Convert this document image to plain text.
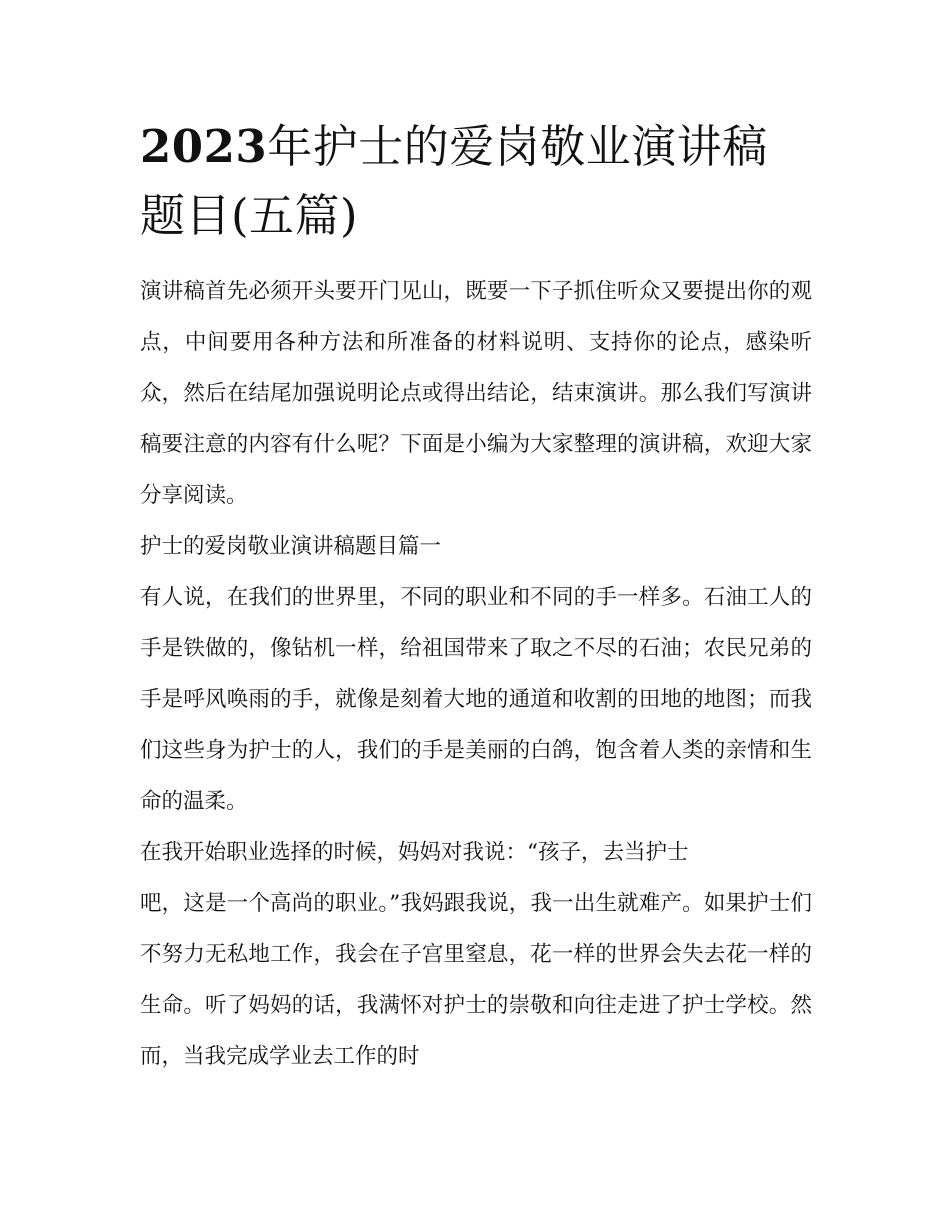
2023年护士的爱岗敬业演讲稿题目(五篇)

演讲稿首先必须开头要开门见山，既要一下子抓住听众又要提出你的观点，中间要用各种方法和所准备的材料说明、支持你的论点，感染听众，然后在结尾加强说明论点或得出结论，结束演讲。那么我们写演讲稿要注意的内容有什么呢？下面是小编为大家整理的演讲稿，欢迎大家分享阅读。

护士的爱岗敬业演讲稿题目篇一

有人说，在我们的世界里，不同的职业和不同的手一样多。石油工人的手是铁做的，像钻机一样，给祖国带来了取之不尽的石油；农民兄弟的手是呼风唤雨的手，就像是刻着大地的通道和收割的田地的地图；而我们这些身为护士的人，我们的手是美丽的白鸽，饱含着人类的亲情和生命的温柔。

在我开始职业选择的时候，妈妈对我说：“孩子，去当护士

吧，这是一个高尚的职业。”我妈跟我说，我一出生就难产。如果护士们不努力无私地工作，我会在子宫里窒息，花一样的世界会失去花一样的生命。听了妈妈的话，我满怀对护士的崇敬和向往走进了护士学校。然而，当我完成学业去工作的时
